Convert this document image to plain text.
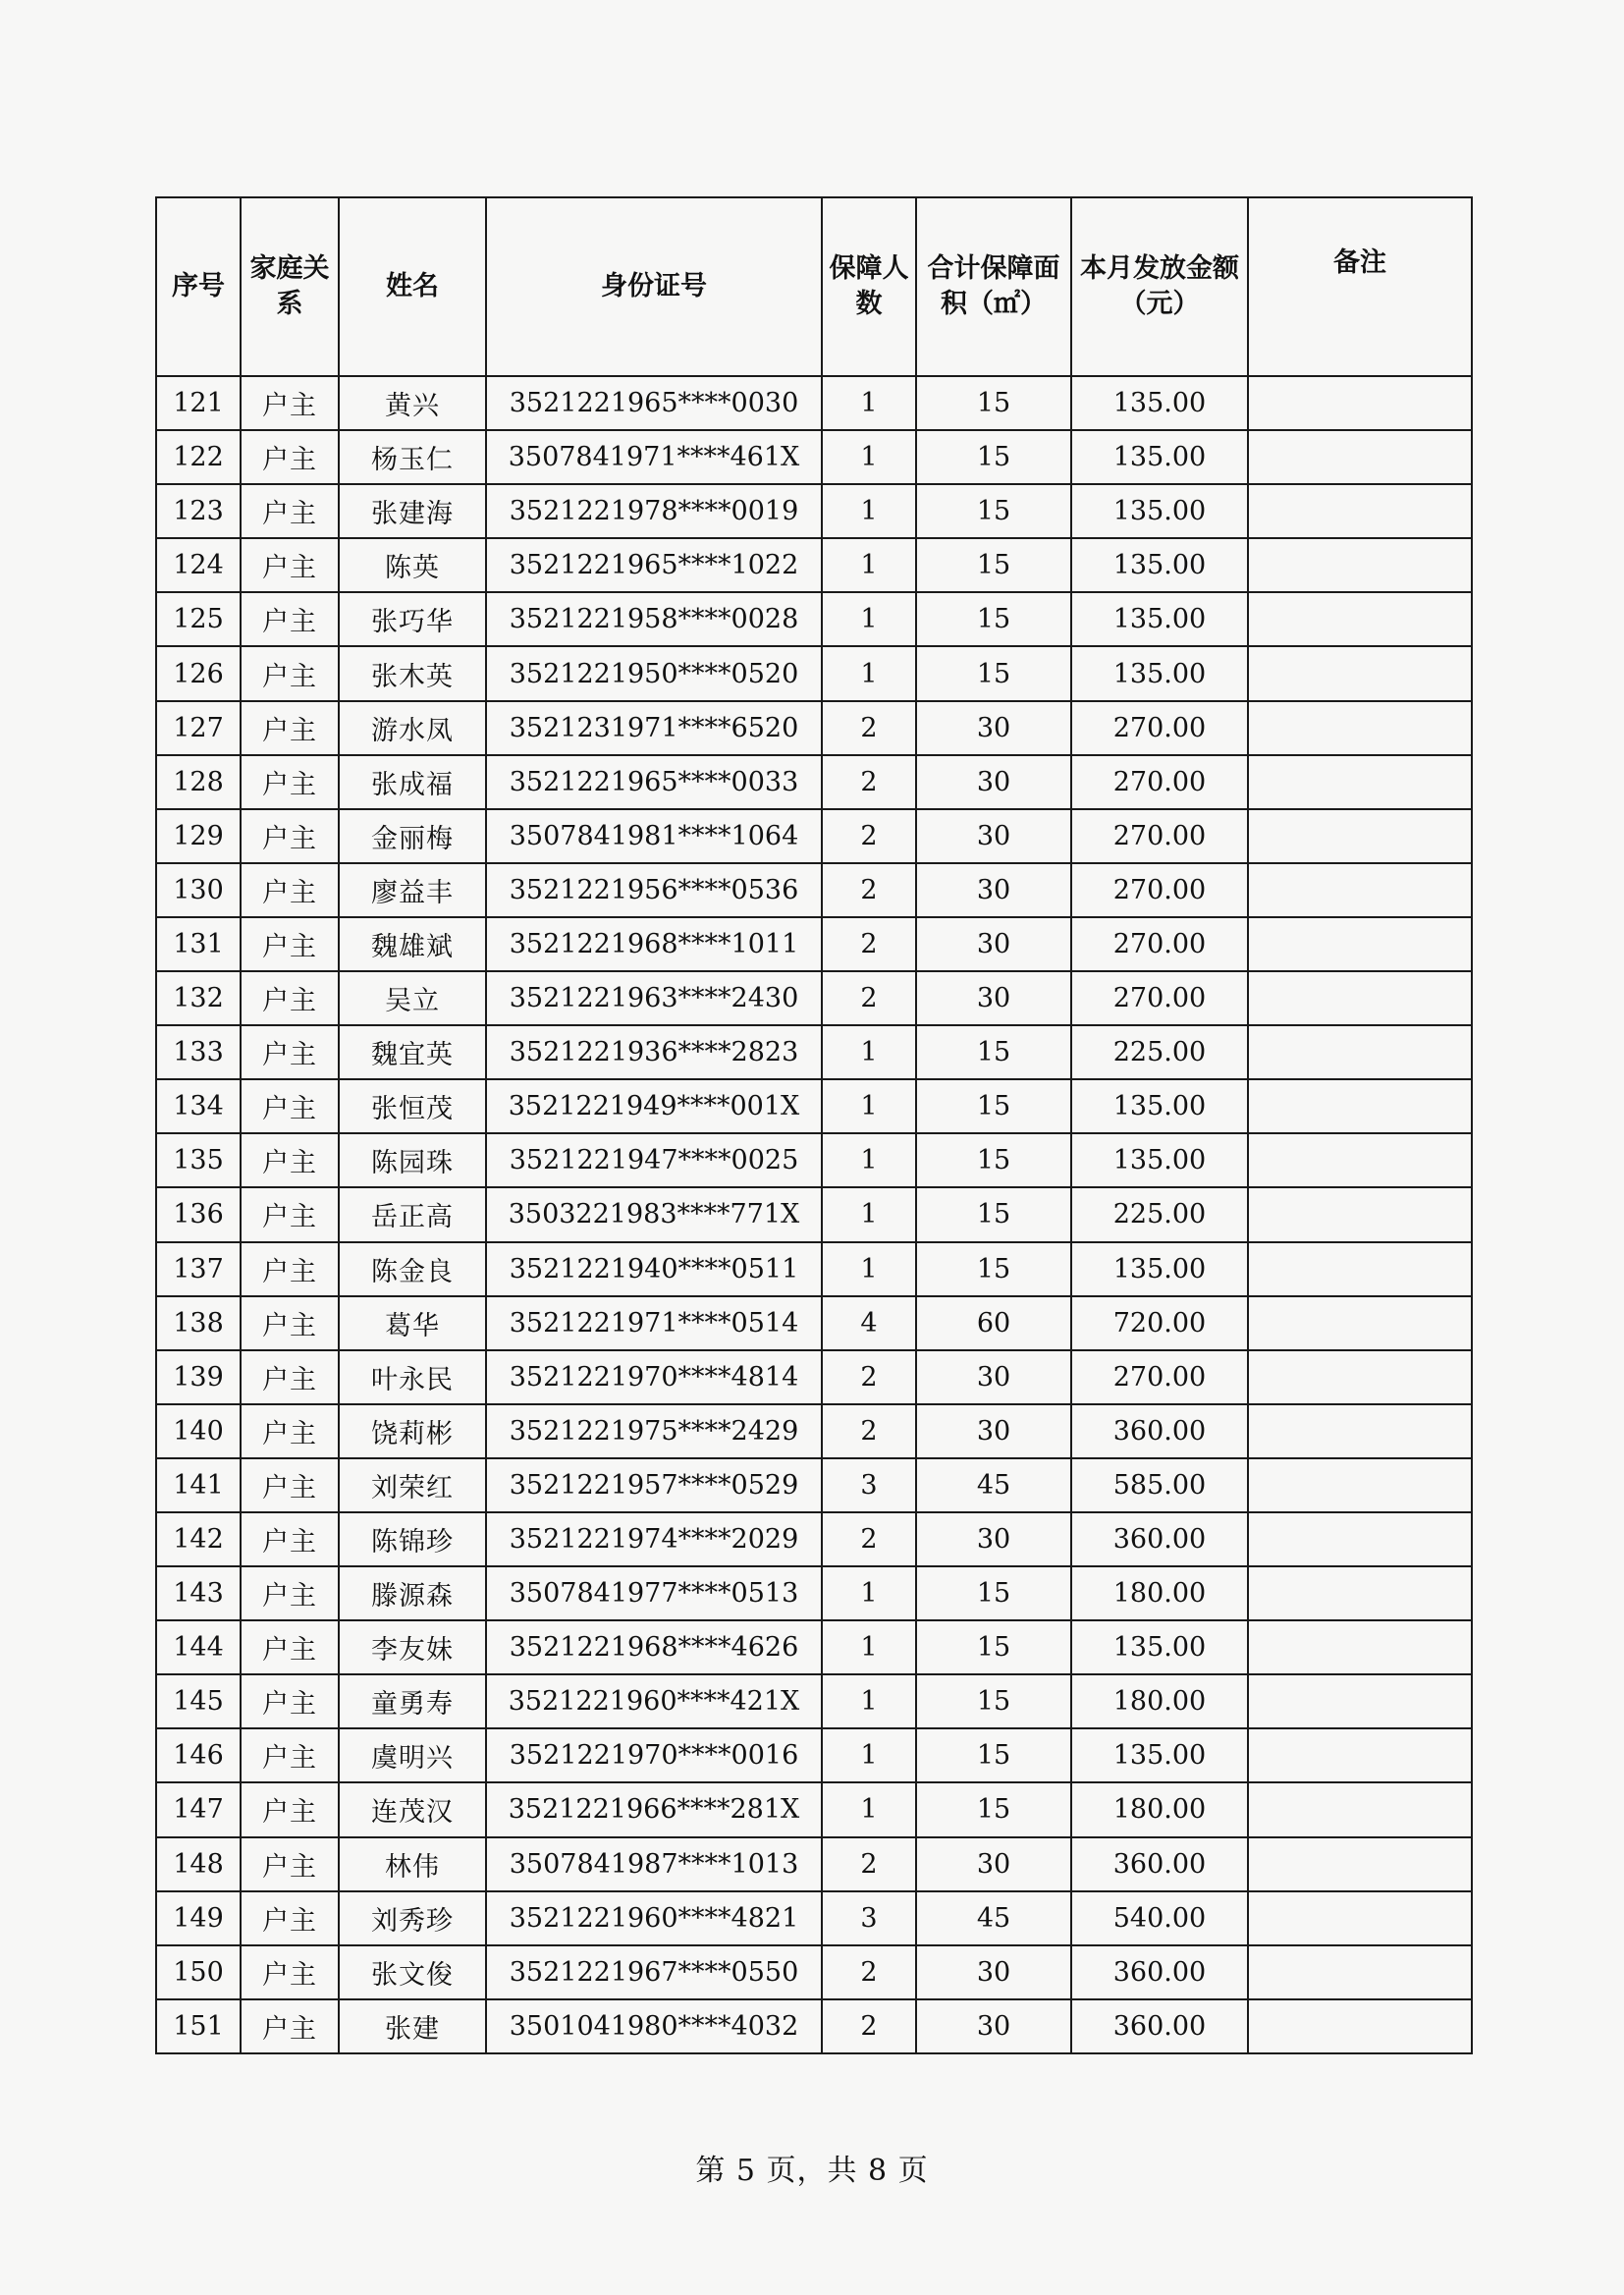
序号	家庭关系	姓名	身份证号	保障人数	合计保障面积（㎡）	本月发放金额（元）	备注
121	户主	黄兴	3521221965****0030	1	15	135.00	
122	户主	杨玉仁	3507841971****461X	1	15	135.00	
123	户主	张建海	3521221978****0019	1	15	135.00	
124	户主	陈英	3521221965****1022	1	15	135.00	
125	户主	张巧华	3521221958****0028	1	15	135.00	
126	户主	张木英	3521221950****0520	1	15	135.00	
127	户主	游水凤	3521231971****6520	2	30	270.00	
128	户主	张成福	3521221965****0033	2	30	270.00	
129	户主	金丽梅	3507841981****1064	2	30	270.00	
130	户主	廖益丰	3521221956****0536	2	30	270.00	
131	户主	魏雄斌	3521221968****1011	2	30	270.00	
132	户主	吴立	3521221963****2430	2	30	270.00	
133	户主	魏宜英	3521221936****2823	1	15	225.00	
134	户主	张恒茂	3521221949****001X	1	15	135.00	
135	户主	陈园珠	3521221947****0025	1	15	135.00	
136	户主	岳正高	3503221983****771X	1	15	225.00	
137	户主	陈金良	3521221940****0511	1	15	135.00	
138	户主	葛华	3521221971****0514	4	60	720.00	
139	户主	叶永民	3521221970****4814	2	30	270.00	
140	户主	饶莉彬	3521221975****2429	2	30	360.00	
141	户主	刘荣红	3521221957****0529	3	45	585.00	
142	户主	陈锦珍	3521221974****2029	2	30	360.00	
143	户主	滕源森	3507841977****0513	1	15	180.00	
144	户主	李友妹	3521221968****4626	1	15	135.00	
145	户主	童勇寿	3521221960****421X	1	15	180.00	
146	户主	虞明兴	3521221970****0016	1	15	135.00	
147	户主	连茂汉	3521221966****281X	1	15	180.00	
148	户主	林伟	3507841987****1013	2	30	360.00	
149	户主	刘秀珍	3521221960****4821	3	45	540.00	
150	户主	张文俊	3521221967****0550	2	30	360.00	
151	户主	张建	3501041980****4032	2	30	360.00	
第 5 页，共 8 页
